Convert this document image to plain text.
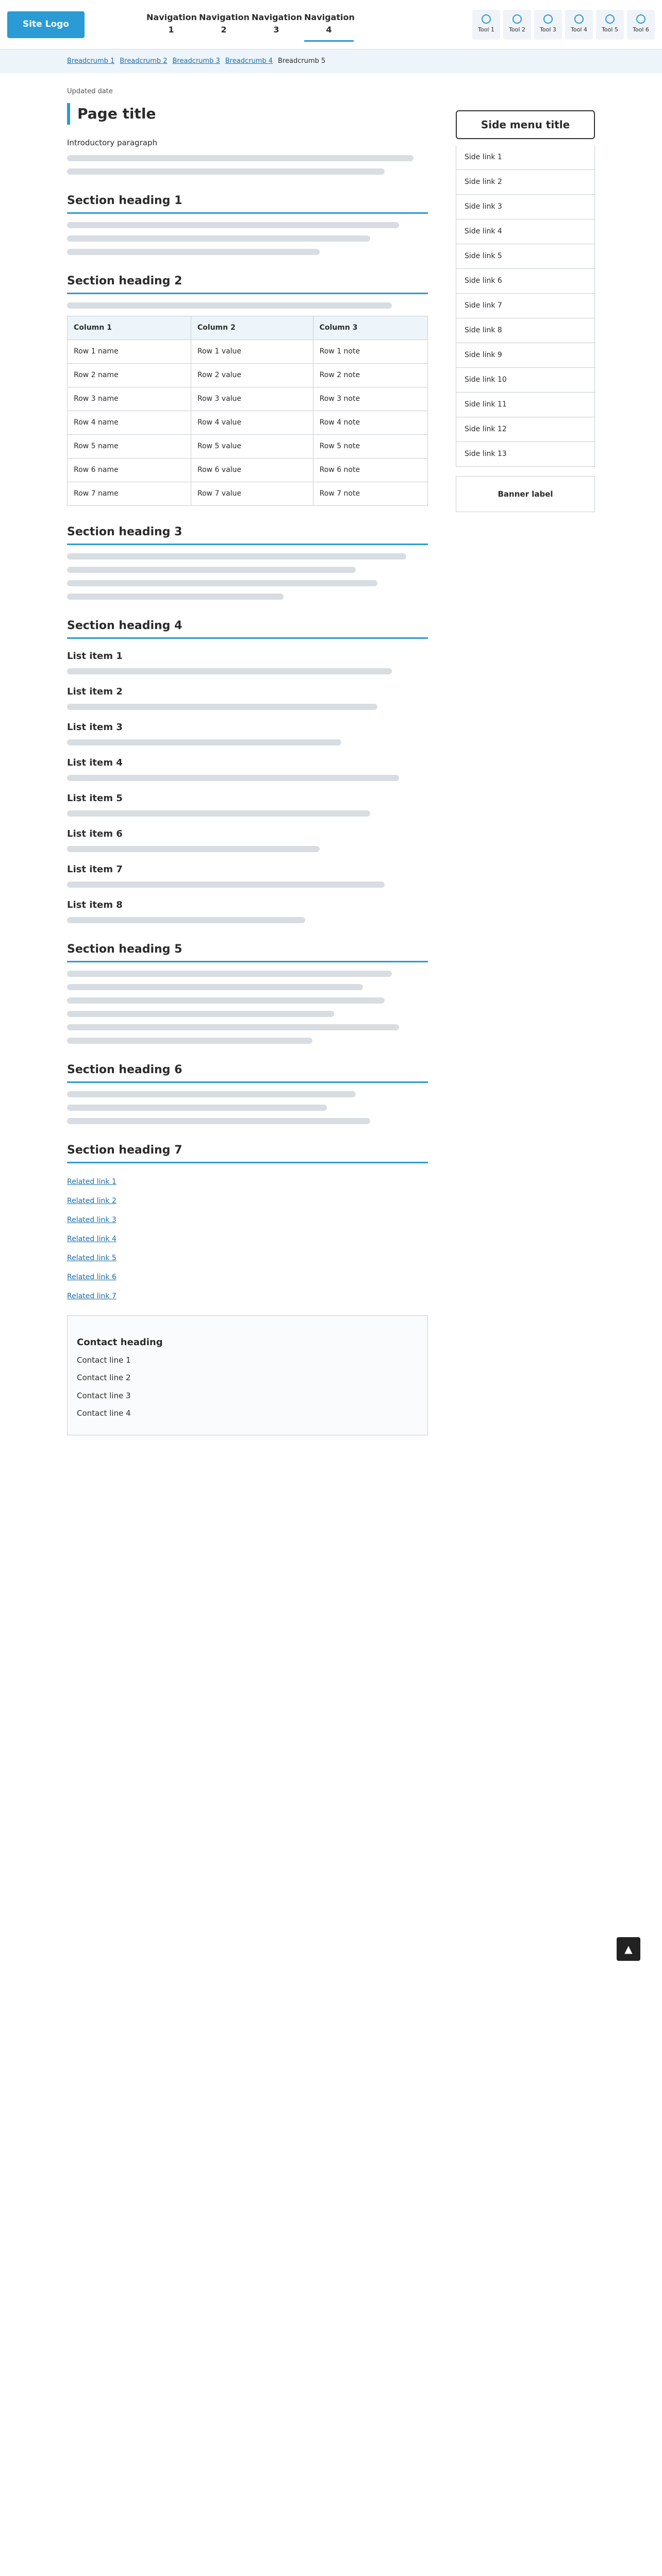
Site Logo
Navigation 1
Navigation 2
Navigation 3
Navigation 4	Tool 1	Tool 2	Tool 3	Tool 4	Tool 5	Tool 6
Breadcrumb 1 Breadcrumb 2 Breadcrumb 3 Breadcrumb 4 Breadcrumb 5
Updated date
Page title

Introductory paragraph

Section heading 1
Section heading 2
Column 1	Column 2	Column 3
Row 1 name	Row 1 value	Row 1 note
Row 2 name	Row 2 value	Row 2 note
Row 3 name	Row 3 value	Row 3 note
Row 4 name	Row 4 value	Row 4 note
Row 5 name	Row 5 value	Row 5 note
Row 6 name	Row 6 value	Row 6 note
Row 7 name	Row 7 value	Row 7 note
Section heading 3
Section heading 4
List item 1
List item 2
List item 3
List item 4
List item 5
List item 6
List item 7
List item 8
Section heading 5
Section heading 6
Section heading 7
Related link 1
Related link 2
Related link 3
Related link 4
Related link 5
Related link 6
Related link 7
Contact heading

Contact line 1

Contact line 2

Contact line 3

Contact line 4

Side menu title
Side link 1
Side link 2
Side link 3
Side link 4
Side link 5
Side link 6
Side link 7
Side link 8
Side link 9
Side link 10
Side link 11
Side link 12
Side link 13
Banner label
▲
